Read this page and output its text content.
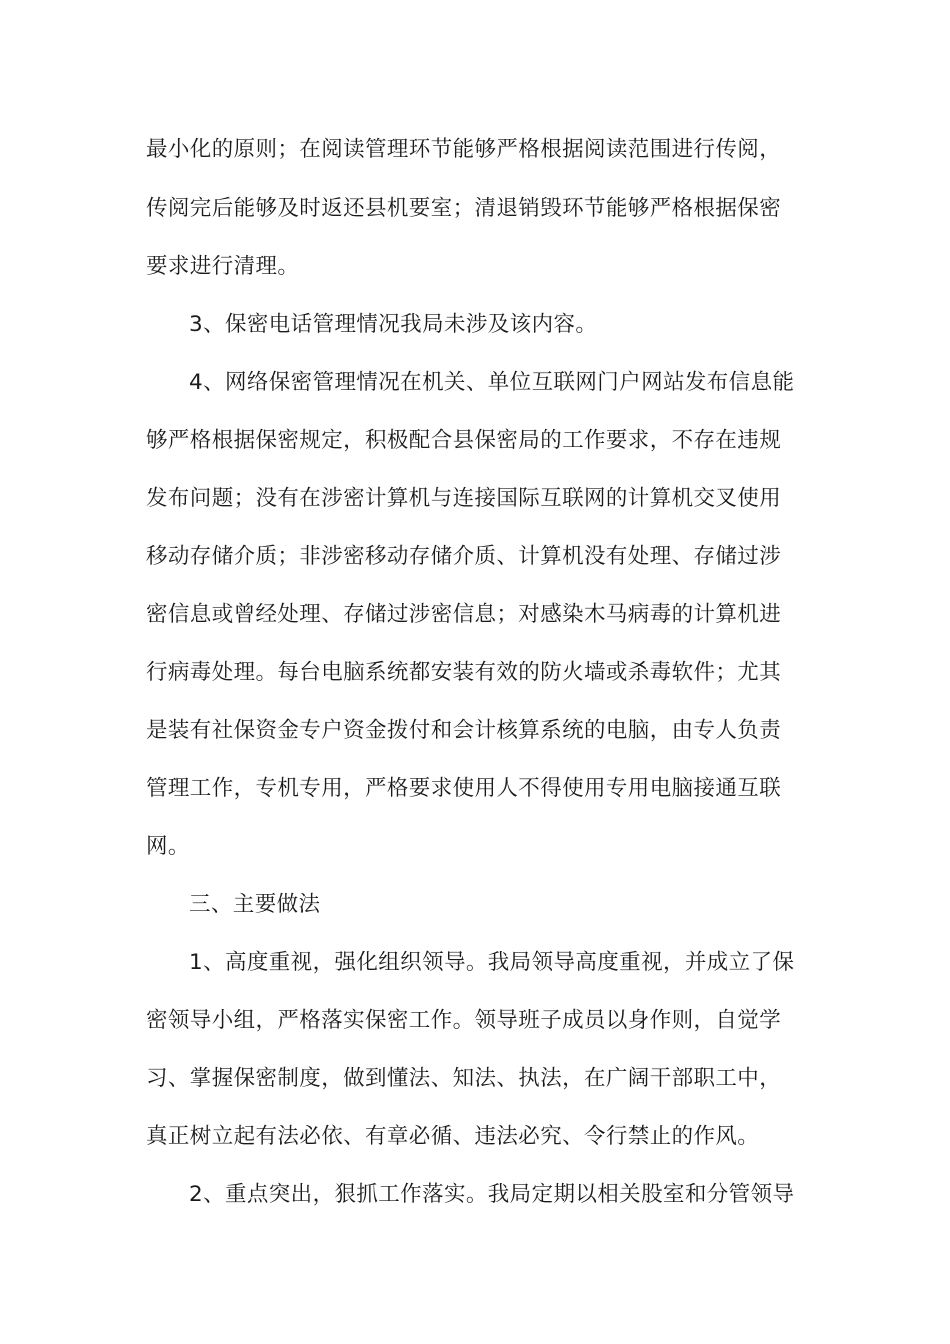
最小化的原则；在阅读管理环节能够严格根据阅读范围进行传阅，
传阅完后能够及时返还县机要室；清退销毁环节能够严格根据保密
要求进行清理。
3、保密电话管理情况我局未涉及该内容。
4、网络保密管理情况在机关、单位互联网门户网站发布信息能
够严格根据保密规定，积极配合县保密局的工作要求，不存在违规
发布问题；没有在涉密计算机与连接国际互联网的计算机交叉使用
移动存储介质；非涉密移动存储介质、计算机没有处理、存储过涉
密信息或曾经处理、存储过涉密信息；对感染木马病毒的计算机进
行病毒处理。每台电脑系统都安装有效的防火墙或杀毒软件；尤其
是装有社保资金专户资金拨付和会计核算系统的电脑，由专人负责
管理工作，专机专用，严格要求使用人不得使用专用电脑接通互联
网。
三、主要做法
1、高度重视，强化组织领导。我局领导高度重视，并成立了保
密领导小组，严格落实保密工作。领导班子成员以身作则，自觉学
习、掌握保密制度，做到懂法、知法、执法，在广阔干部职工中，
真正树立起有法必依、有章必循、违法必究、令行禁止的作风。
2、重点突出，狠抓工作落实。我局定期以相关股室和分管领导
